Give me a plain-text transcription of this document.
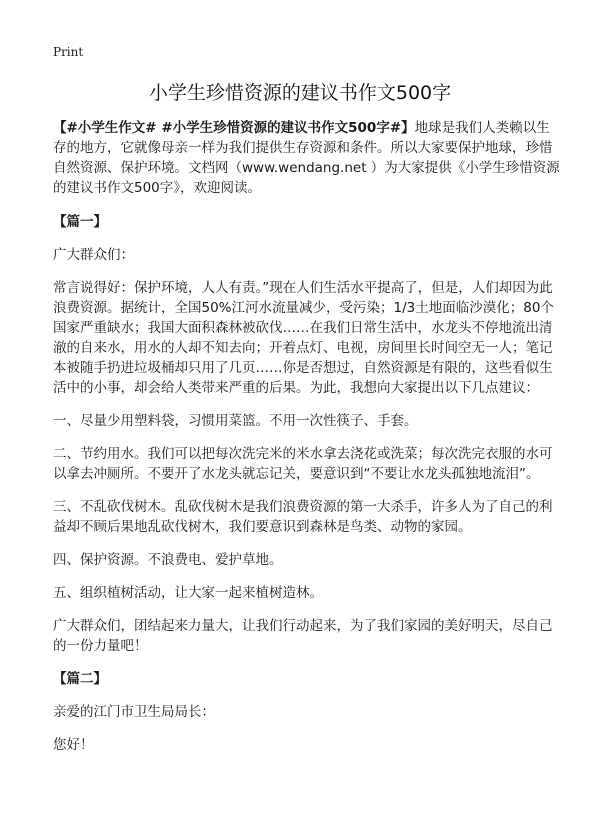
Print
小学生珍惜资源的建议书作文500字

【#小学生作文# #小学生珍惜资源的建议书作文500字#】地球是我们人类赖以生存的地方，它就像母亲一样为我们提供生存资源和条件。所以大家要保护地球，珍惜自然资源、保护环境。文档网（www.wendang.net ）为大家提供《小学生珍惜资源的建议书作文500字》，欢迎阅读。

【篇一】

广大群众们：

常言说得好：保护环境，人人有责。”现在人们生活水平提高了，但是，人们却因为此浪费资源。据统计，全国50%江河水流量减少，受污染；1/3土地面临沙漠化；80个国家严重缺水；我国大面积森林被砍伐……在我们日常生活中，水龙头不停地流出清澈的自来水，用水的人却不知去向；开着点灯、电视，房间里长时间空无一人；笔记本被随手扔进垃圾桶却只用了几页……你是否想过，自然资源是有限的，这些看似生活中的小事，却会给人类带来严重的后果。为此，我想向大家提出以下几点建议：

一、尽量少用塑料袋，习惯用菜篮。不用一次性筷子、手套。

二、节约用水。我们可以把每次洗完米的米水拿去浇花或洗菜；每次洗完衣服的水可以拿去冲厕所。不要开了水龙头就忘记关，要意识到“不要让水龙头孤独地流泪”。

三、不乱砍伐树木。乱砍伐树木是我们浪费资源的第一大杀手，许多人为了自己的利益却不顾后果地乱砍伐树木，我们要意识到森林是鸟类、动物的家园。

四、保护资源。不浪费电、爱护草地。

五、组织植树活动，让大家一起来植树造林。

广大群众们，团结起来力量大，让我们行动起来，为了我们家园的美好明天，尽自己的一份力量吧！

【篇二】

亲爱的江门市卫生局局长：

您好！
